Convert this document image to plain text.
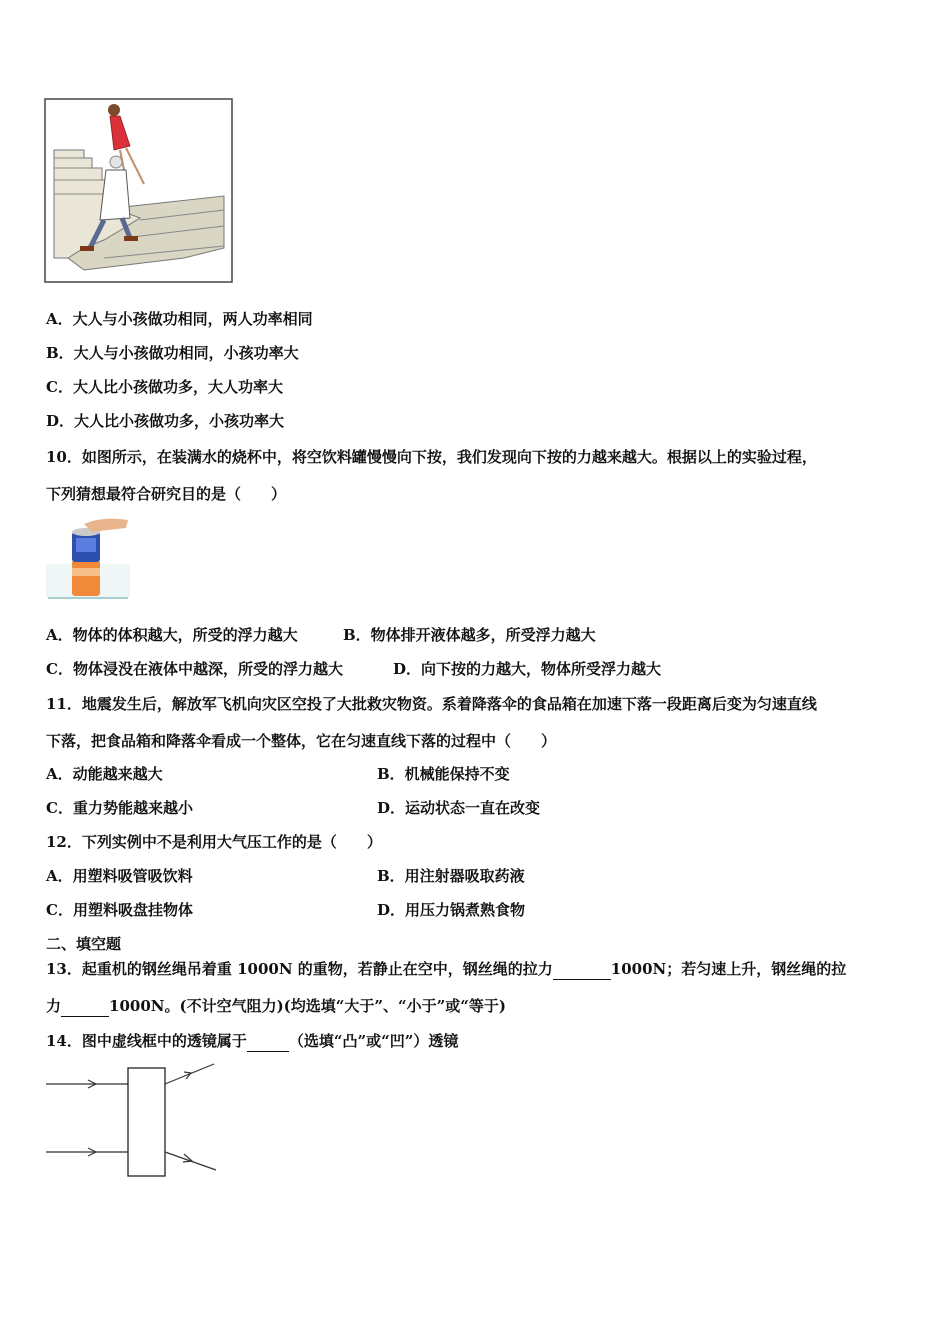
A．大人与小孩做功相同，两人功率相同
B．大人与小孩做功相同，小孩功率大
C．大人比小孩做功多，大人功率大
D．大人比小孩做功多，小孩功率大
10．如图所示，在装满水的烧杯中，将空饮料罐慢慢向下按，我们发现向下按的力越来越大。根据以上的实验过程，
下列猜想最符合研究目的是（　　）
A．物体的体积越大，所受的浮力越大	B．物体排开液体越多，所受浮力越大
C．物体浸没在液体中越深，所受的浮力越大	D．向下按的力越大，物体所受浮力越大
11．地震发生后，解放军飞机向灾区空投了大批救灾物资。系着降落伞的食品箱在加速下落一段距离后变为匀速直线
下落，把食品箱和降落伞看成一个整体，它在匀速直线下落的过程中（　　）
A．动能越来越大	B．机械能保持不变
C．重力势能越来越小	D．运动状态一直在改变
12．下列实例中不是利用大气压工作的是（　　）
A．用塑料吸管吸饮料	B．用注射器吸取药液
C．用塑料吸盘挂物体	D．用压力锅煮熟食物
二、填空题
13．起重机的钢丝绳吊着重 1000N 的重物，若静止在空中，钢丝绳的拉力	1000N；若匀速上升，钢丝绳的拉
力	1000N。(不计空气阻力)(均选填“大于”、“小于”或“等于)
14．图中虚线框中的透镜属于	（选填“凸”或“凹”）透镜
